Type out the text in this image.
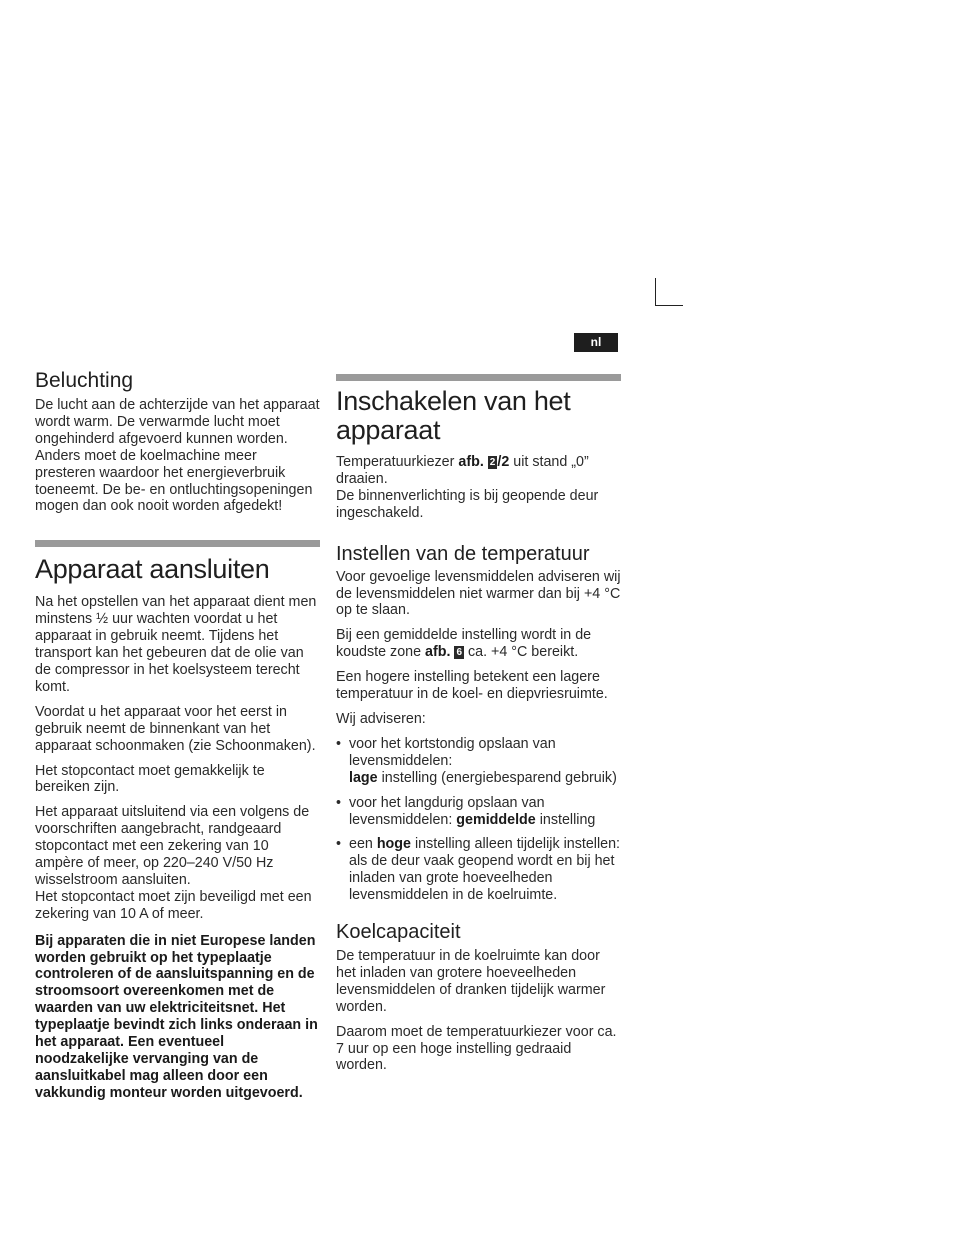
nl
Beluchting

De lucht aan de achterzijde van het apparaat wordt warm. De verwarmde lucht moet ongehinderd afgevoerd kunnen worden. Anders moet de koelmachine meer presteren waardoor het energieverbruik toeneemt. De be- en ontluchtingsopeningen mogen dan ook nooit worden afgedekt!

Apparaat aansluiten

Na het opstellen van het apparaat dient men minstens ½ uur wachten voordat u het apparaat in gebruik neemt. Tijdens het transport kan het gebeuren dat de olie van de compressor in het koelsysteem terecht komt.

Voordat u het apparaat voor het eerst in gebruik neemt de binnenkant van het apparaat schoonmaken (zie Schoonmaken).

Het stopcontact moet gemakkelijk te bereiken zijn.

Het apparaat uitsluitend via een volgens de voorschriften aangebracht, randgeaard stopcontact met een zekering van 10 ampère of meer, op 220–240 V/50 Hz wisselstroom aansluiten.
Het stopcontact moet zijn beveiligd met een zekering van 10 A of meer.

Bij apparaten die in niet Europese landen worden gebruikt op het typeplaatje controleren of de aansluitspanning en de stroomsoort overeenkomen met de waarden van uw elektriciteitsnet. Het typeplaatje bevindt zich links onderaan in het apparaat. Een eventueel noodzakelijke vervanging van de aansluitkabel mag alleen door een vakkundig monteur worden uitgevoerd.

Inschakelen van het apparaat

Temperatuurkiezer afb. 2 /2 uit stand „0” draaien.
De binnenverlichting is bij geopende deur ingeschakeld.

Instellen van de temperatuur

Voor gevoelige levensmiddelen adviseren wij de levensmiddelen niet warmer dan bij +4 °C op te slaan.

Bij een gemiddelde instelling wordt in de koudste zone afb. 6 ca. +4 °C bereikt.

Een hogere instelling betekent een lagere temperatuur in de koel- en diepvriesruimte.

Wij adviseren:

• voor het kortstondig opslaan van levensmiddelen:
lage instelling (energiebesparend gebruik)
• voor het langdurig opslaan van levensmiddelen: gemiddelde instelling
• een hoge instelling alleen tijdelijk instellen: als de deur vaak geopend wordt en bij het inladen van grote hoeveelheden levensmiddelen in de koelruimte.
Koelcapaciteit

De temperatuur in de koelruimte kan door het inladen van grotere hoeveelheden levensmiddelen of dranken tijdelijk warmer worden.

Daarom moet de temperatuurkiezer voor ca. 7 uur op een hoge instelling gedraaid worden.
